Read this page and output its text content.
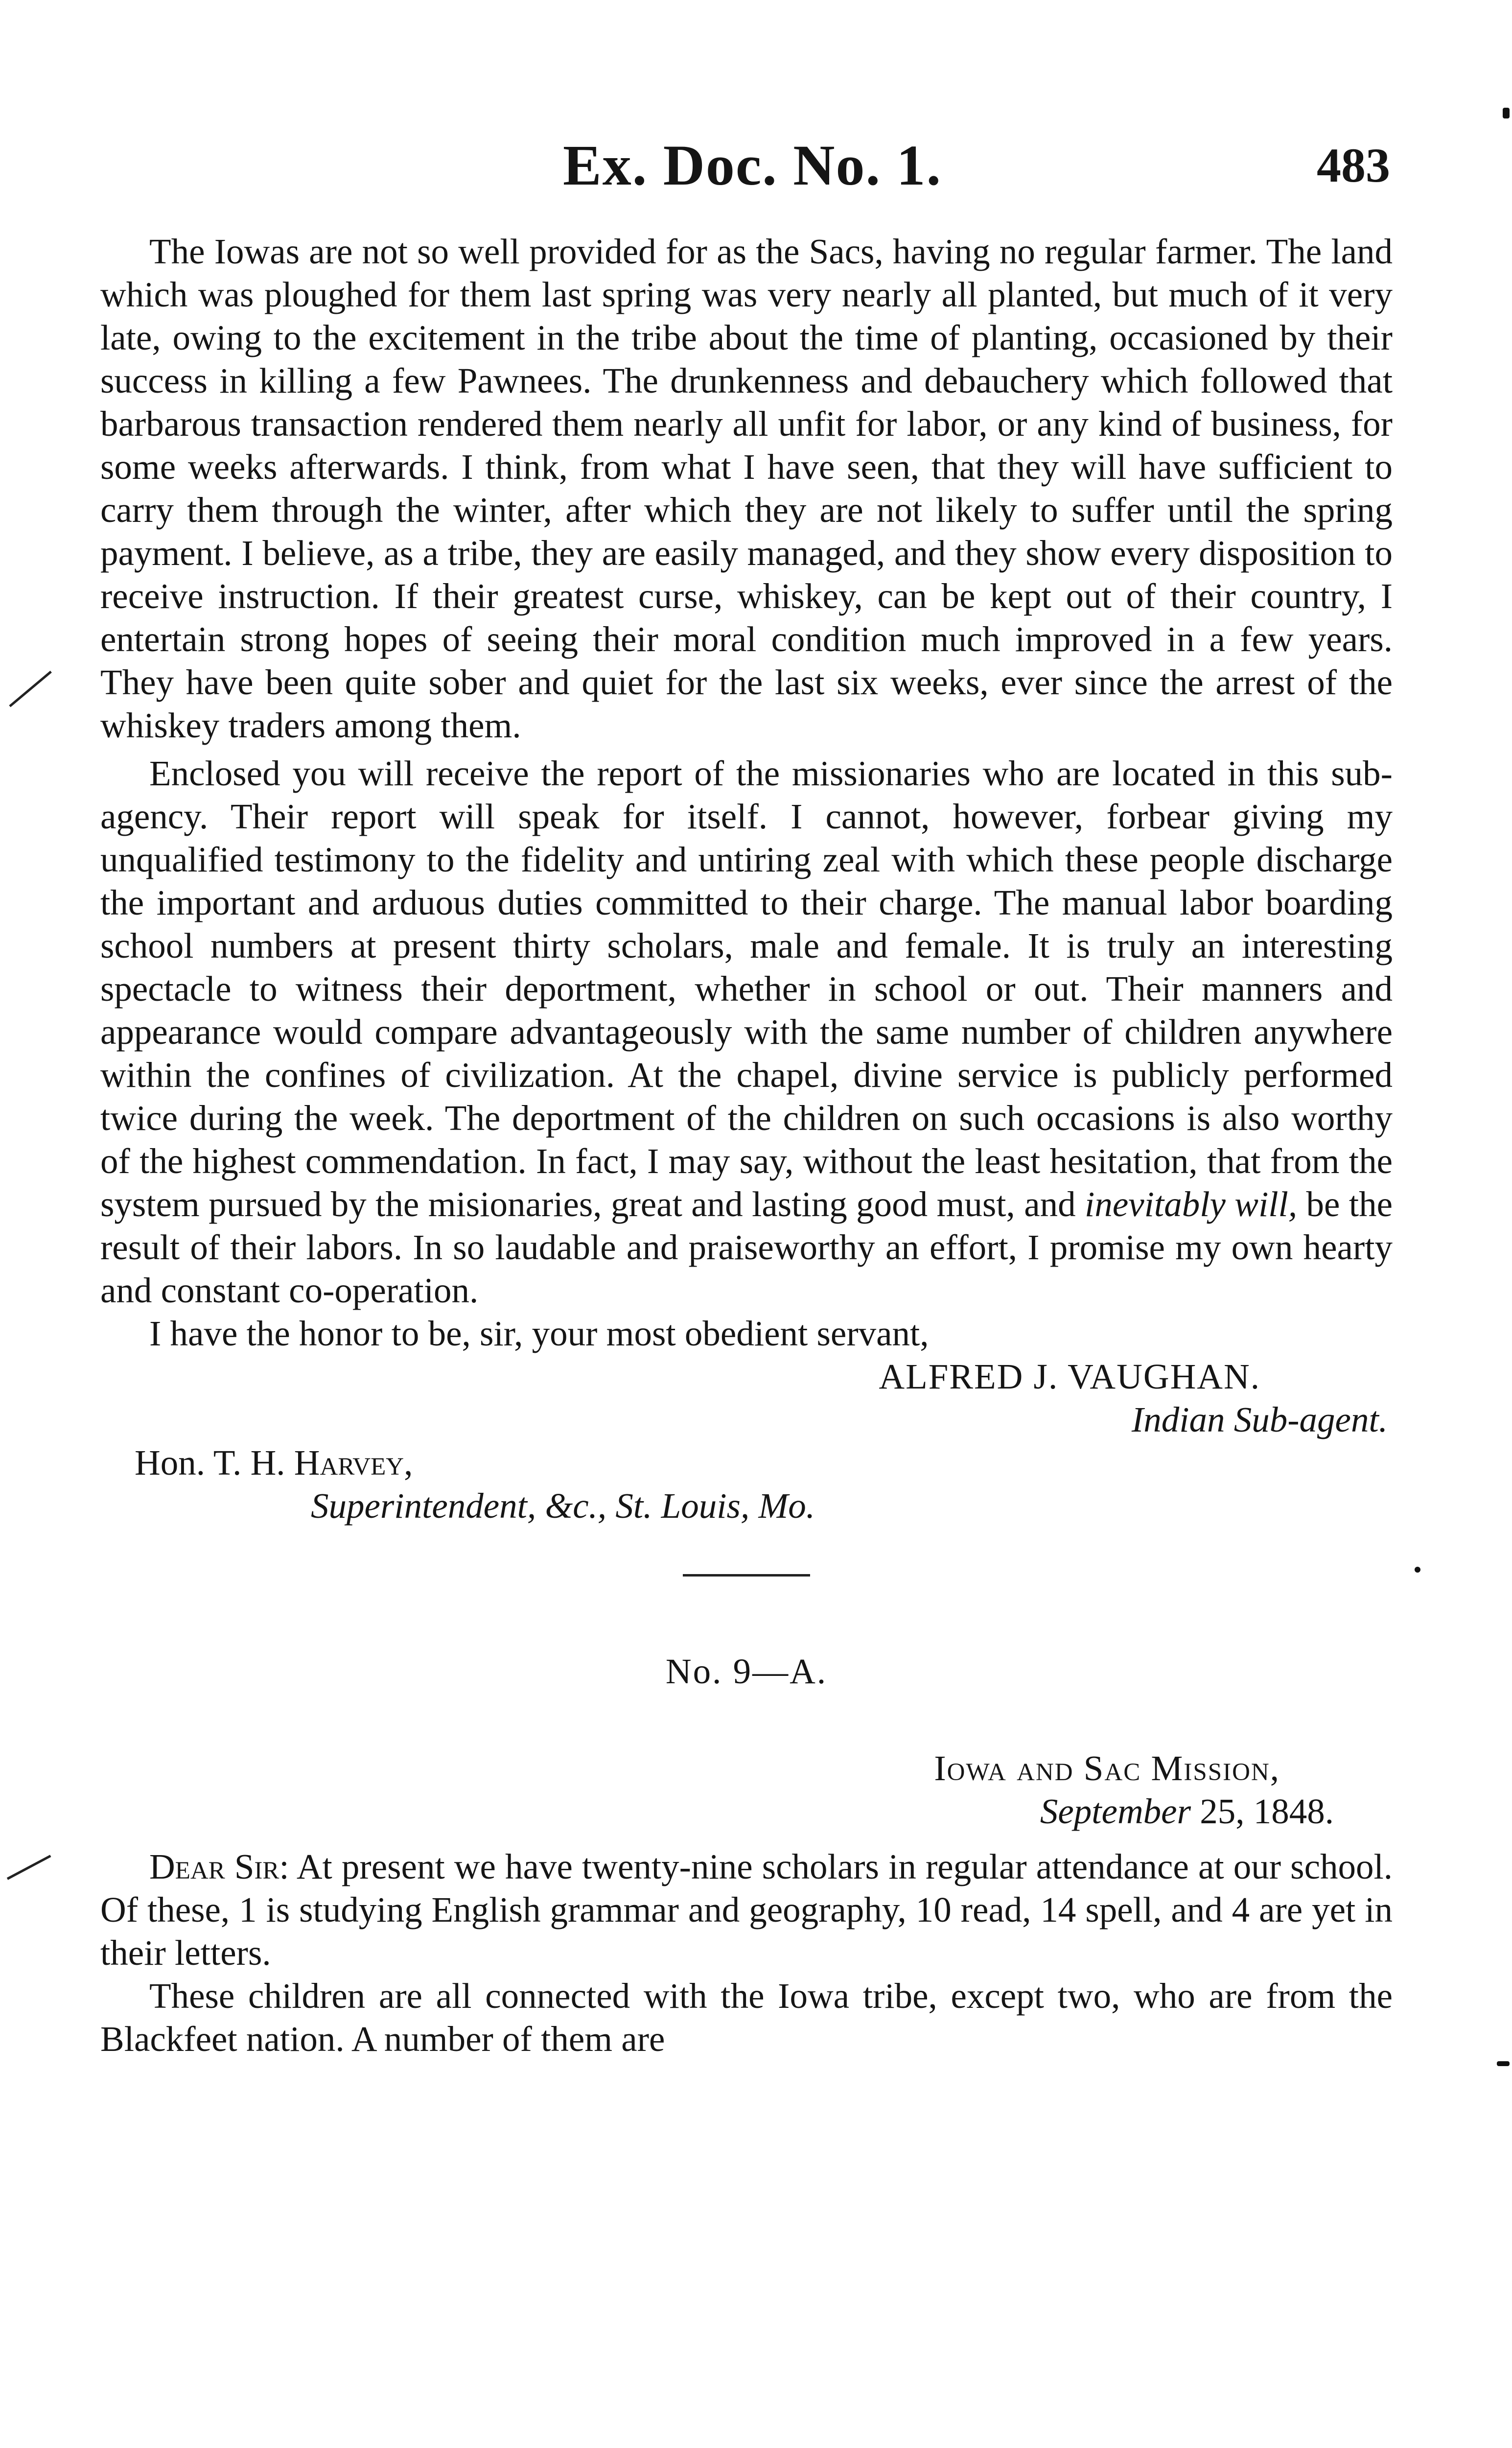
Ex. Doc. No. 1.	483

The Iowas are not so well provided for as the Sacs, having no regular farmer. The land which was ploughed for them last spring was very nearly all planted, but much of it very late, owing to the excitement in the tribe about the time of planting, occasioned by their success in killing a few Pawnees. The drunkenness and debauchery which followed that barbarous transaction rendered them nearly all unfit for labor, or any kind of business, for some weeks afterwards. I think, from what I have seen, that they will have sufficient to carry them through the winter, after which they are not likely to suffer until the spring payment. I believe, as a tribe, they are easily managed, and they show every disposition to receive instruction. If their greatest curse, whiskey, can be kept out of their country, I entertain strong hopes of seeing their moral condition much improved in a few years. They have been quite sober and quiet for the last six weeks, ever since the arrest of the whiskey traders among them.

Enclosed you will receive the report of the missionaries who are located in this sub-agency. Their report will speak for itself. I cannot, however, forbear giving my unqualified testimony to the fidelity and untiring zeal with which these people discharge the important and arduous duties committed to their charge. The manual labor boarding school numbers at present thirty scholars, male and female. It is truly an interesting spectacle to witness their deportment, whether in school or out. Their manners and appearance would compare advantageously with the same number of children anywhere within the confines of civilization. At the chapel, divine service is publicly performed twice during the week. The deportment of the children on such occasions is also worthy of the highest commendation. In fact, I may say, without the least hesitation, that from the system pursued by the misionaries, great and lasting good must, and inevitably will, be the result of their labors. In so laudable and praiseworthy an effort, I promise my own hearty and constant co-operation.

I have the honor to be, sir, your most obedient servant,

ALFRED J. VAUGHAN.

Indian Sub-agent.

Hon. T. H. Harvey,

Superintendent, &c., St. Louis, Mo.

No. 9—A.

Iowa and Sac Mission,

September 25, 1848.

Dear Sir: At present we have twenty-nine scholars in regular attendance at our school. Of these, 1 is studying English grammar and geography, 10 read, 14 spell, and 4 are yet in their letters.

These children are all connected with the Iowa tribe, except two, who are from the Blackfeet nation. A number of them are
